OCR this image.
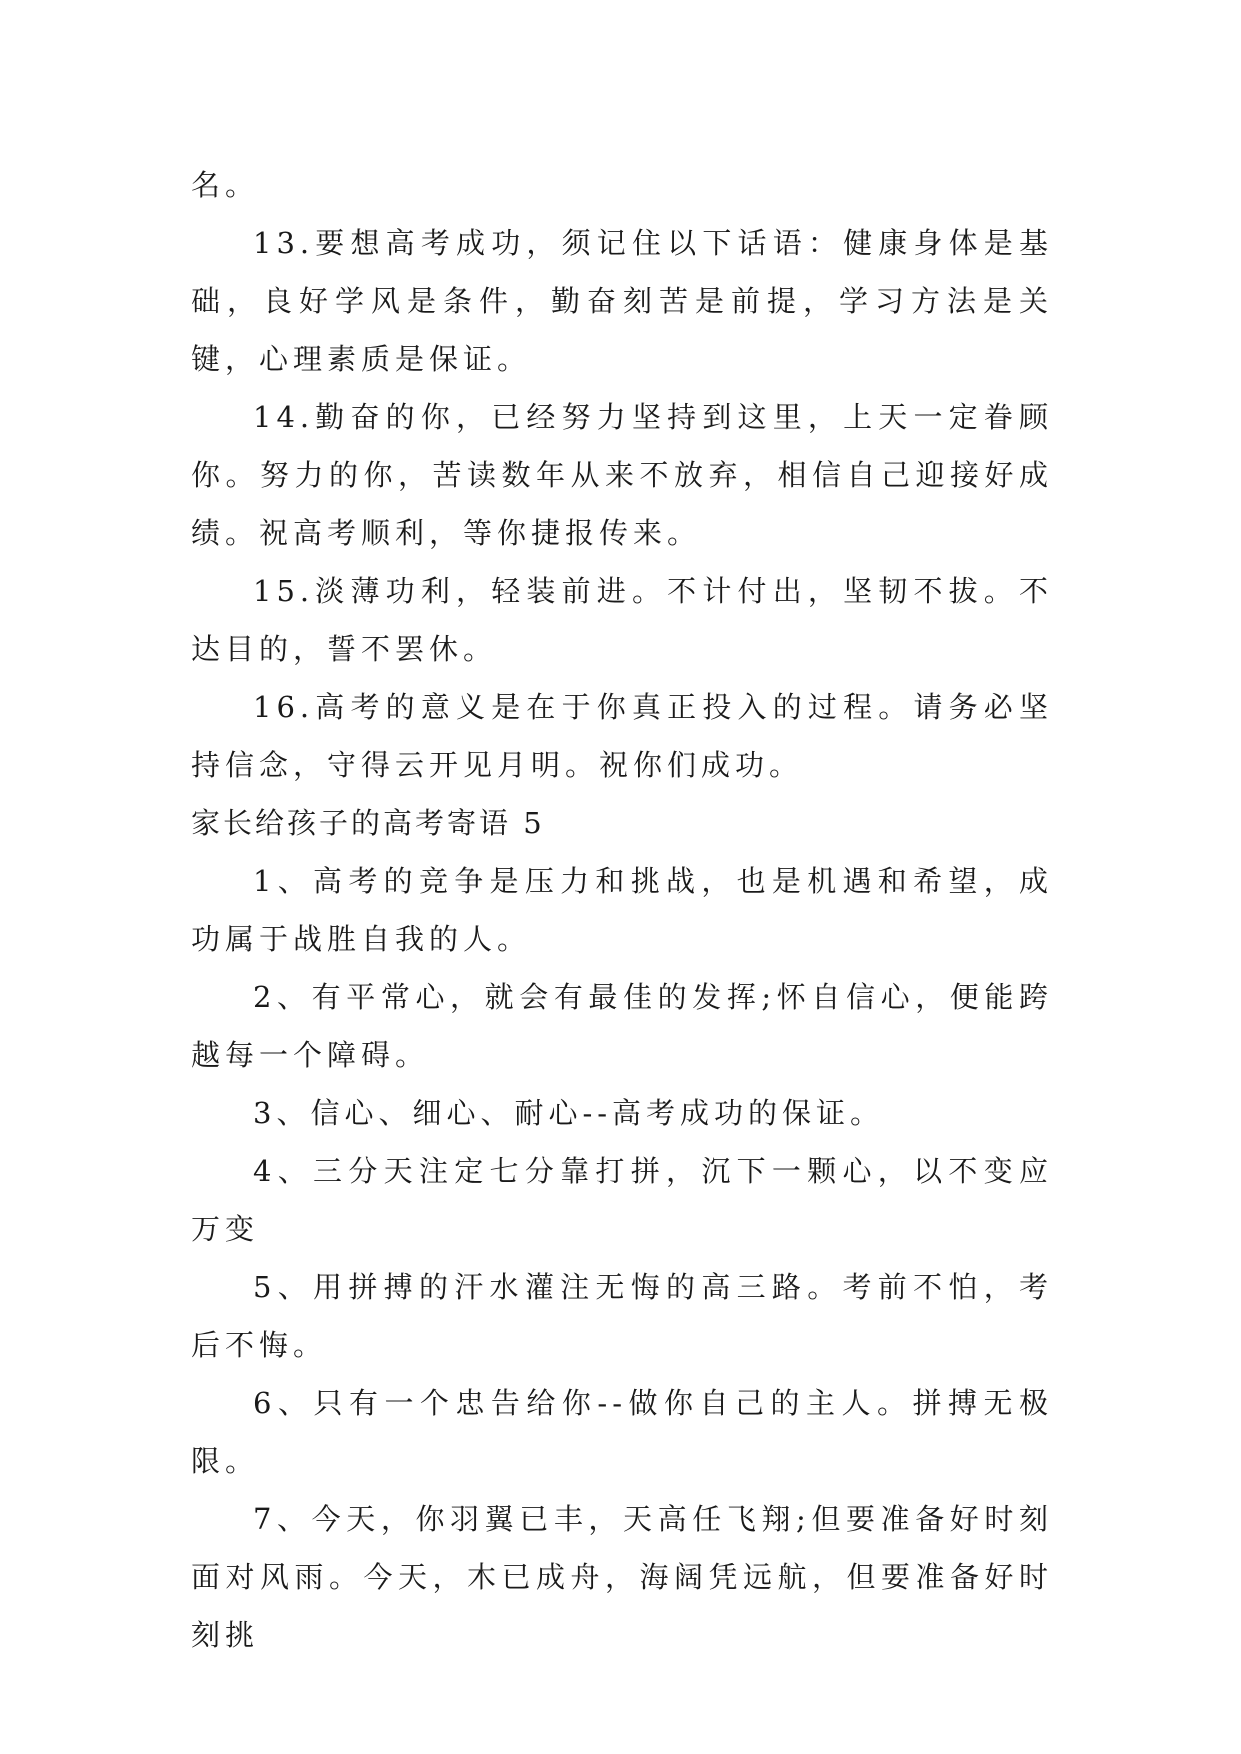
名。

13.要想高考成功，须记住以下话语：健康身体是基础，良好学风是条件，勤奋刻苦是前提，学习方法是关键，心理素质是保证。

14.勤奋的你，已经努力坚持到这里，上天一定眷顾你。努力的你，苦读数年从来不放弃，相信自己迎接好成绩。祝高考顺利，等你捷报传来。

15.淡薄功利，轻装前进。不计付出，坚韧不拔。不达目的，誓不罢休。

16.高考的意义是在于你真正投入的过程。请务必坚持信念，守得云开见月明。祝你们成功。

家长给孩子的高考寄语 5

1、高考的竞争是压力和挑战，也是机遇和希望，成功属于战胜自我的人。

2、有平常心，就会有最佳的发挥;怀自信心，便能跨越每一个障碍。

3、信心、细心、耐心--高考成功的保证。

4、三分天注定七分靠打拼，沉下一颗心，以不变应万变

5、用拼搏的汗水灌注无悔的高三路。考前不怕，考后不悔。

6、只有一个忠告给你--做你自己的主人。拼搏无极限。

7、今天，你羽翼已丰，天高任飞翔;但要准备好时刻面对风雨。今天，木已成舟，海阔凭远航，但要准备好时刻挑
